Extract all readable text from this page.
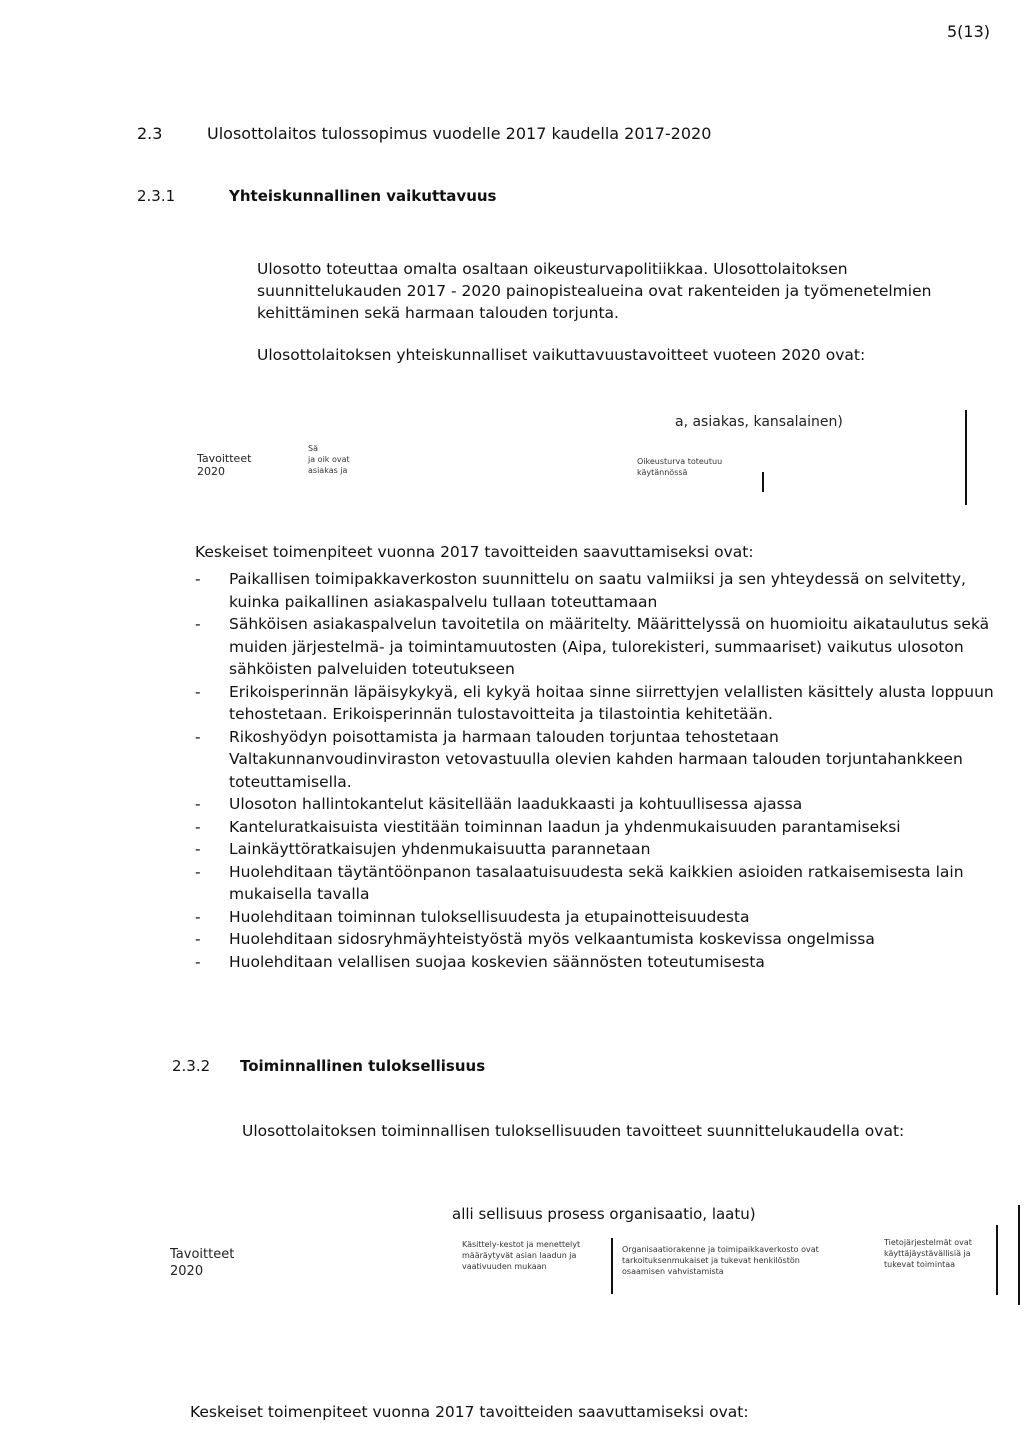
5(13)
2.3	Ulosottolaitos tulossopimus vuodelle 2017 kaudella 2017-2020
2.3.1	Yhteiskunnallinen vaikuttavuus

Ulosotto toteuttaa omalta osaltaan oikeusturvapolitiikkaa. Ulosottolaitoksen suunnittelukauden 2017 - 2020 painopistealueina ovat rakenteiden ja työmenetelmien kehittäminen sekä harmaan talouden torjunta.

Ulosottolaitoksen yhteiskunnalliset vaikuttavuustavoitteet vuoteen 2020 ovat:

a, asiakas, kansalainen)
Tavoitteet
2020
Sä
ja oik ovat
asiakas ja
Oikeusturva toteutuu
käytännössä
Keskeiset toimenpiteet vuonna 2017 tavoitteiden saavuttamiseksi ovat:
- Paikallisen toimipakkaverkoston suunnittelu on saatu valmiiksi ja sen yhteydessä on selvitetty, kuinka paikallinen asiakaspalvelu tullaan toteuttamaan
- Sähköisen asiakaspalvelun tavoitetila on määritelty. Määrittelyssä on huomioitu aikataulutus sekä muiden järjestelmä- ja toimintamuutosten (Aipa, tulorekisteri, summaariset) vaikutus ulosoton sähköisten palveluiden toteutukseen
- Erikoisperinnän läpäisykykyä, eli kykyä hoitaa sinne siirrettyjen velallisten käsittely alusta loppuun tehostetaan. Erikoisperinnän tulostavoitteita ja tilastointia kehitetään.
- Rikoshyödyn poisottamista ja harmaan talouden torjuntaa tehostetaan Valtakunnanvoudinviraston vetovastuulla olevien kahden harmaan talouden torjuntahankkeen toteuttamisella.
- Ulosoton hallintokantelut käsitellään laadukkaasti ja kohtuullisessa ajassa
- Kanteluratkaisuista viestitään toiminnan laadun ja yhdenmukaisuuden parantamiseksi
- Lainkäyttöratkaisujen yhdenmukaisuutta parannetaan
- Huolehditaan täytäntöönpanon tasalaatuisuudesta sekä kaikkien asioiden ratkaisemisesta lain mukaisella tavalla
- Huolehditaan toiminnan tuloksellisuudesta ja etupainotteisuudesta
- Huolehditaan sidosryhmäyhteistyöstä myös velkaantumista koskevissa ongelmissa
- Huolehditaan velallisen suojaa koskevien säännösten toteutumisesta
2.3.2 Toiminnallinen tuloksellisuus
Ulosottolaitoksen toiminnallisen tuloksellisuuden tavoitteet suunnittelukaudella ovat:
alli sellisuus prosess organisaatio, laatu)
Tavoitteet
2020
Käsittely-kestot ja menettelyt määräytyvät asian laadun ja vaativuuden mukaan
Organisaatiorakenne ja toimipaikkaverkosto ovat tarkoituksenmukaiset ja tukevat henkilöstön osaamisen vahvistamista
Tietojärjestelmät ovat käyttäjäystävällisiä ja tukevat toimintaa
Keskeiset toimenpiteet vuonna 2017 tavoitteiden saavuttamiseksi ovat:
